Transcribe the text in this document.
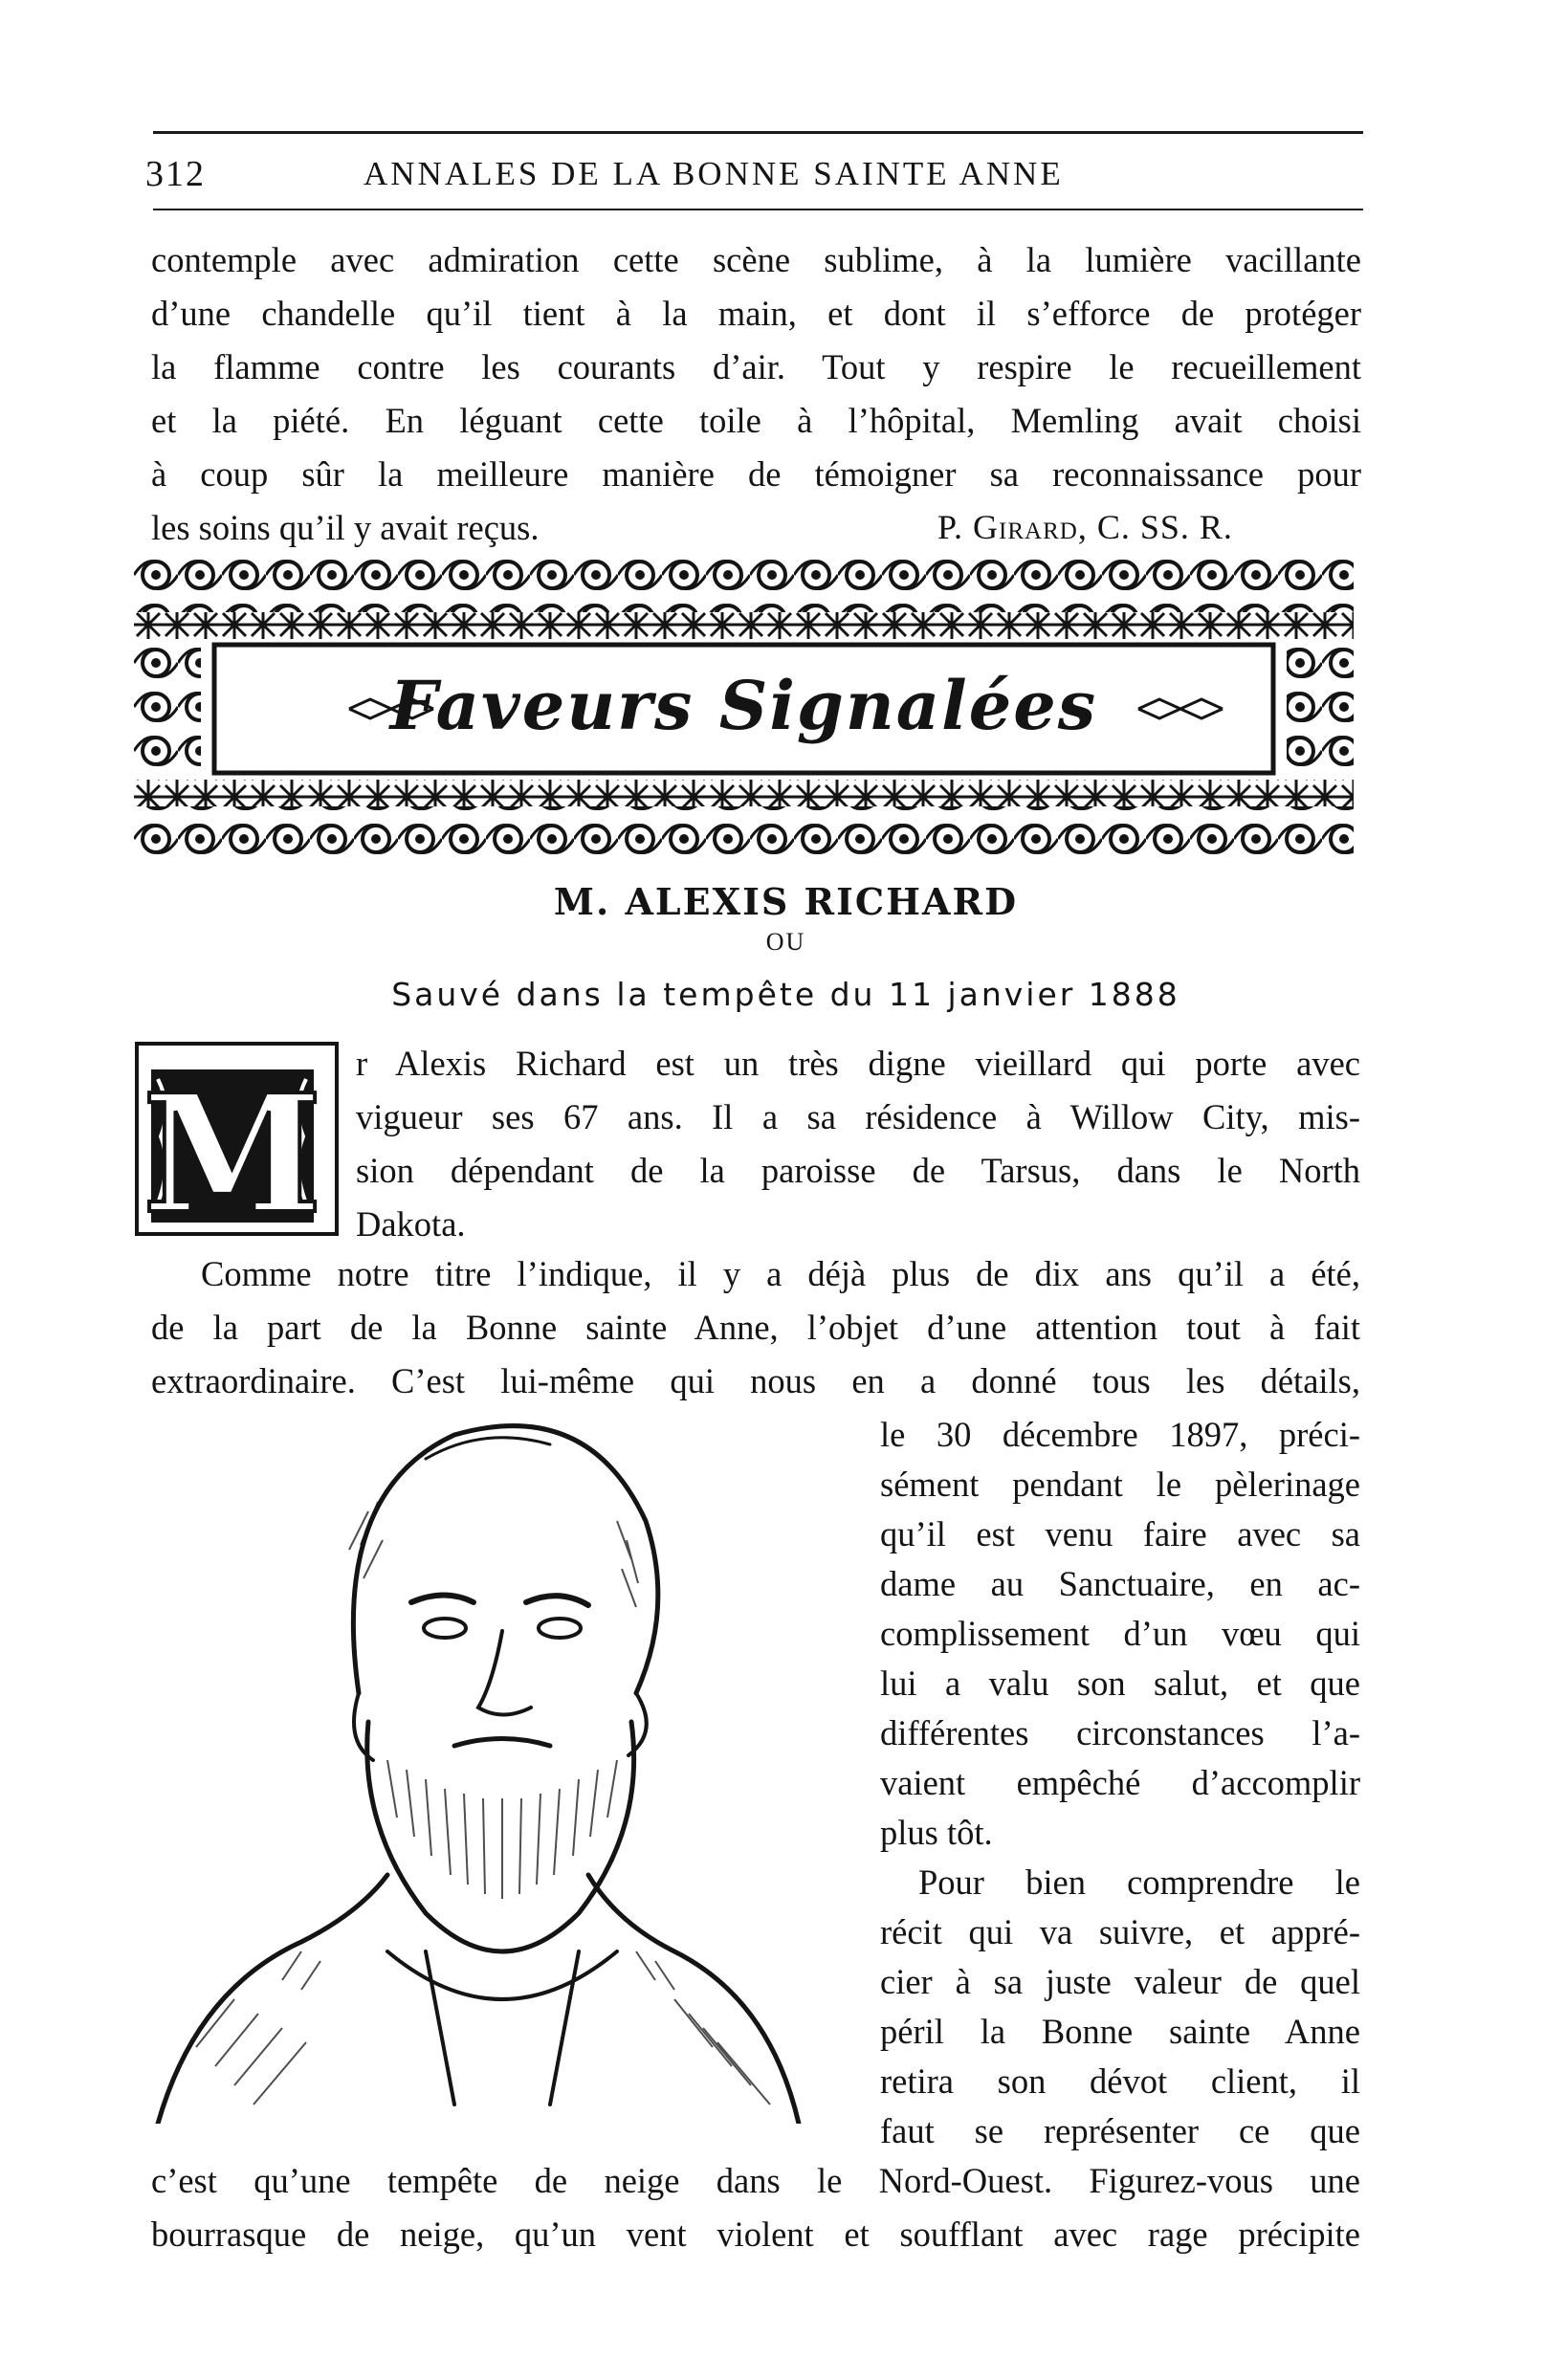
312	ANNALES DE LA BONNE SAINTE ANNE
contemple avec admiration cette scène sublime, à la lumière vacillante
d’une chandelle qu’il tient à la main, et dont il s’efforce de protéger
la flamme contre les courants d’air. Tout y respire le recueillement
et la piété. En léguant cette toile à l’hôpital, Memling avait choisi
à coup sûr la meilleure manière de témoigner sa reconnaissance pour
les soins qu’il y avait reçus.	P. Girard, C. SS. R.
Faveurs Signalées
M. ALEXIS RICHARD
OU
Sauvé dans la tempête du 11 janvier 1888
M r Alexis Richard est un très digne vieillard qui porte avec
vigueur ses 67 ans. Il a sa résidence à Willow City, mis-
sion dépendant de la paroisse de Tarsus, dans le North
Dakota.
Comme notre titre l’indique, il y a déjà plus de dix ans qu’il a été,
de la part de la Bonne sainte Anne, l’objet d’une attention tout à fait
extraordinaire. C’est lui-même qui nous en a donné tous les détails,
le 30 décembre 1897, préci-
sément pendant le pèlerinage
qu’il est venu faire avec sa
dame au Sanctuaire, en ac-
complissement d’un vœu qui
lui a valu son salut, et que
différentes circonstances l’a-
vaient empêché d’accomplir
plus tôt.
Pour bien comprendre le
récit qui va suivre, et appré-
cier à sa juste valeur de quel
péril la Bonne sainte Anne
retira son dévot client, il
faut se représenter ce que
c’est qu’une tempête de neige dans le Nord-Ouest. Figurez-vous une
bourrasque de neige, qu’un vent violent et soufflant avec rage précipite
